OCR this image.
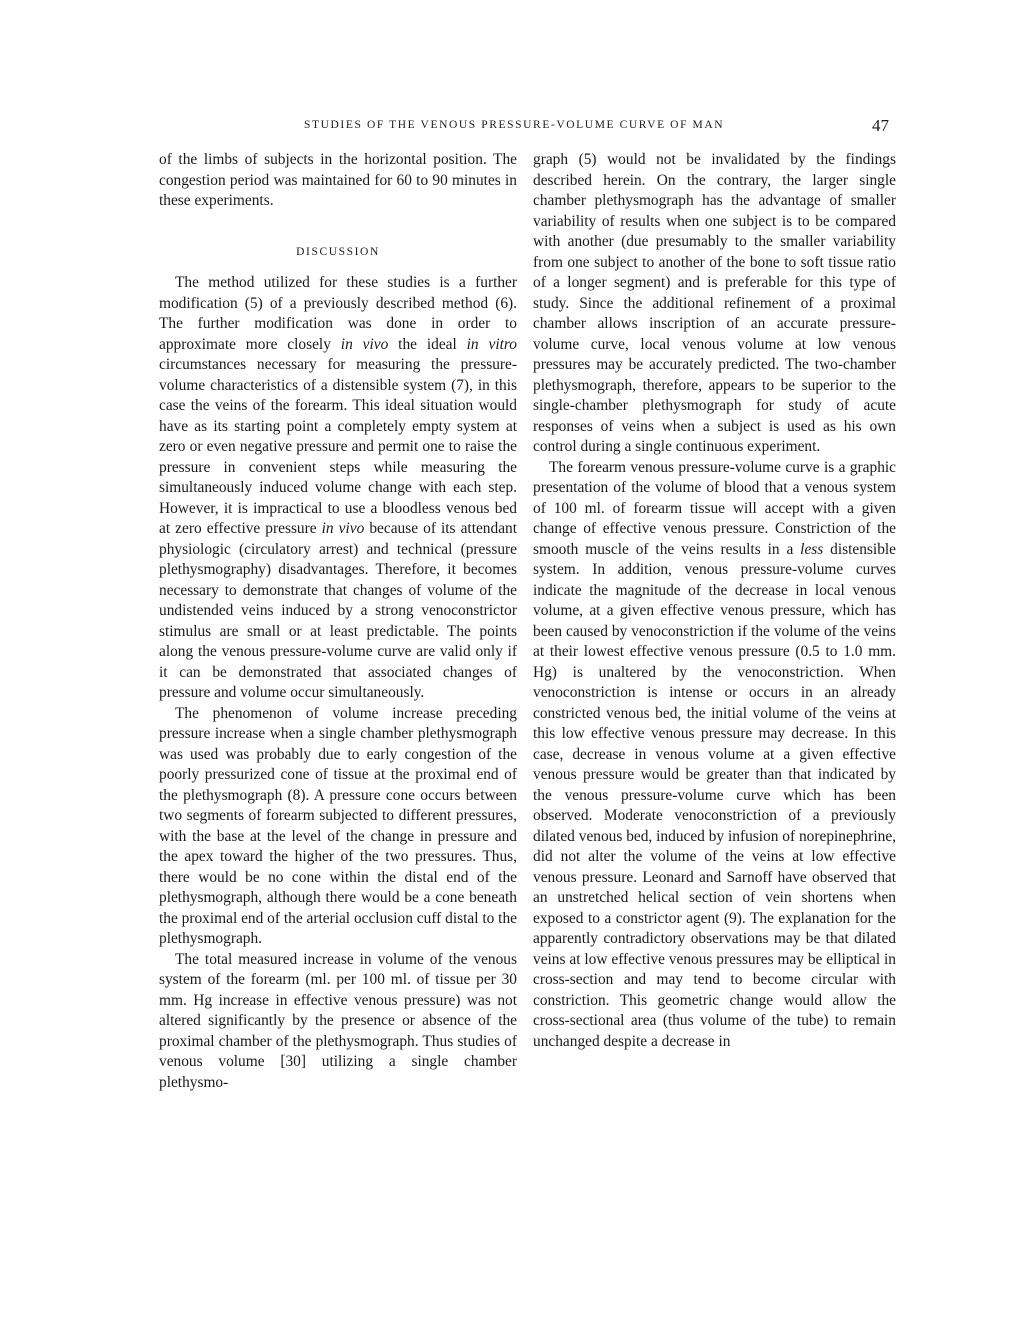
STUDIES OF THE VENOUS PRESSURE-VOLUME CURVE OF MAN	47

of the limbs of subjects in the horizontal position. The congestion period was maintained for 60 to 90 minutes in these experiments.

DISCUSSION

The method utilized for these studies is a further modification (5) of a previously described method (6). The further modification was done in order to approximate more closely in vivo the ideal in vitro circumstances necessary for measuring the pressure-volume characteristics of a distensible system (7), in this case the veins of the forearm. This ideal situation would have as its starting point a completely empty system at zero or even negative pressure and permit one to raise the pressure in convenient steps while measuring the simultaneously induced volume change with each step. However, it is impractical to use a bloodless venous bed at zero effective pressure in vivo because of its attendant physiologic (circulatory arrest) and technical (pressure plethysmography) disadvantages. Therefore, it becomes necessary to demonstrate that changes of volume of the undistended veins induced by a strong venoconstrictor stimulus are small or at least predictable. The points along the venous pressure-volume curve are valid only if it can be demonstrated that associated changes of pressure and volume occur simultaneously.

The phenomenon of volume increase preceding pressure increase when a single chamber plethysmograph was used was probably due to early congestion of the poorly pressurized cone of tissue at the proximal end of the plethysmograph (8). A pressure cone occurs between two segments of forearm subjected to different pressures, with the base at the level of the change in pressure and the apex toward the higher of the two pressures. Thus, there would be no cone within the distal end of the plethysmograph, although there would be a cone beneath the proximal end of the arterial occlusion cuff distal to the plethysmograph.

The total measured increase in volume of the venous system of the forearm (ml. per 100 ml. of tissue per 30 mm. Hg increase in effective venous pressure) was not altered significantly by the presence or absence of the proximal chamber of the plethysmograph. Thus studies of venous volume [30] utilizing a single chamber plethysmo-

graph (5) would not be invalidated by the findings described herein. On the contrary, the larger single chamber plethysmograph has the advantage of smaller variability of results when one subject is to be compared with another (due presumably to the smaller variability from one subject to another of the bone to soft tissue ratio of a longer segment) and is preferable for this type of study. Since the additional refinement of a proximal chamber allows inscription of an accurate pressure-volume curve, local venous volume at low venous pressures may be accurately predicted. The two-chamber plethysmograph, therefore, appears to be superior to the single-chamber plethysmograph for study of acute responses of veins when a subject is used as his own control during a single continuous experiment.

The forearm venous pressure-volume curve is a graphic presentation of the volume of blood that a venous system of 100 ml. of forearm tissue will accept with a given change of effective venous pressure. Constriction of the smooth muscle of the veins results in a less distensible system. In addition, venous pressure-volume curves indicate the magnitude of the decrease in local venous volume, at a given effective venous pressure, which has been caused by venoconstriction if the volume of the veins at their lowest effective venous pressure (0.5 to 1.0 mm. Hg) is unaltered by the venoconstriction. When venoconstriction is intense or occurs in an already constricted venous bed, the initial volume of the veins at this low effective venous pressure may decrease. In this case, decrease in venous volume at a given effective venous pressure would be greater than that indicated by the venous pressure-volume curve which has been observed. Moderate venoconstriction of a previously dilated venous bed, induced by infusion of norepinephrine, did not alter the volume of the veins at low effective venous pressure. Leonard and Sarnoff have observed that an unstretched helical section of vein shortens when exposed to a constrictor agent (9). The explanation for the apparently contradictory observations may be that dilated veins at low effective venous pressures may be elliptical in cross-section and may tend to become circular with constriction. This geometric change would allow the cross-sectional area (thus volume of the tube) to remain unchanged despite a decrease in
